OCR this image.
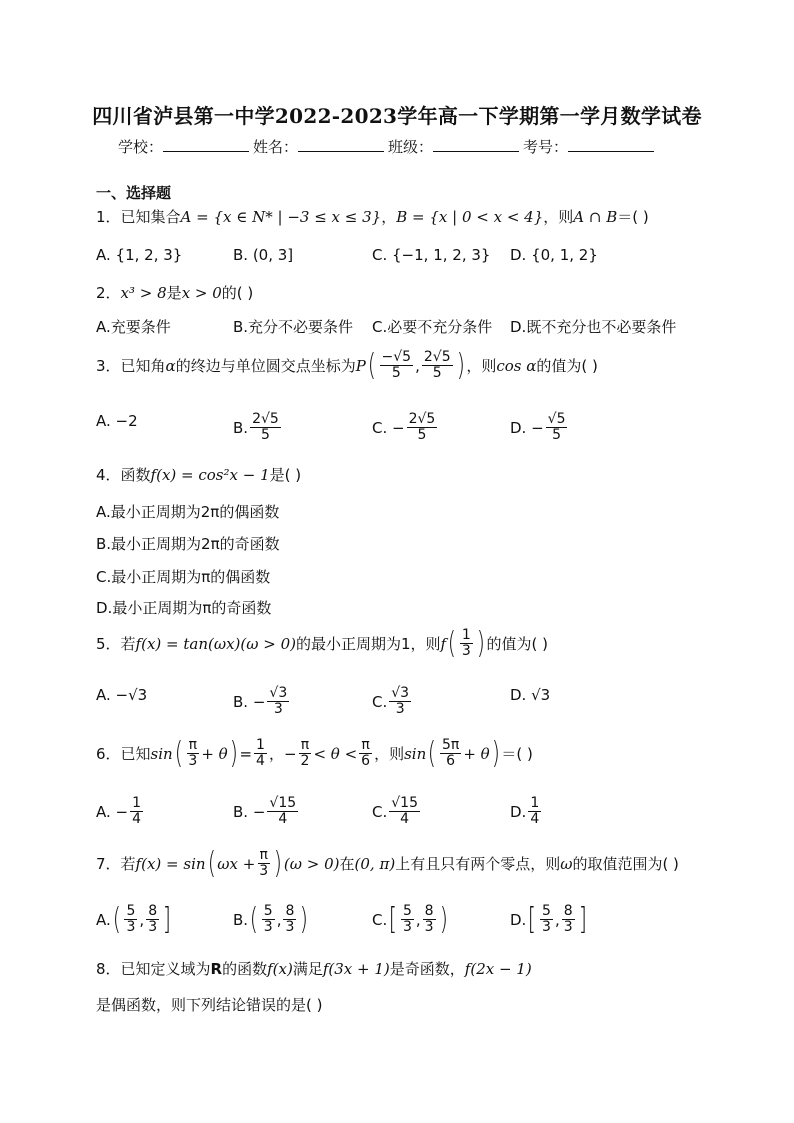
四川省泸县第一中学2022-2023学年高一下学期第一学月数学试卷
学校：	姓名：	班级：	考号：
一、选择题
1．已知集合 A = {x ∈ N* | −3 ≤ x ≤ 3} ， B = {x | 0 < x < 4} ，则 A ∩ B ＝( )
A. {1, 2, 3}	B. (0, 3]	C. {−1, 1, 2, 3} D. {0, 1, 2}
2． x³ > 8 是 x > 0 的( )
A.充要条件	B.充分不必要条件 C.必要不充分条件 D.既不充分也不必要条件
3．已知角 α 的终边与单位圆交点坐标为 P ( $\frac{-√5}{5}$ , $\frac{2√5}{5}$ ) ，则 cos α 的值为( )
A. −2	B. $\frac{2√5}{5}$	C. − $\frac{2√5}{5}$	D. − $\frac{√5}{5}$
4．函数 f(x) = cos²x − 1 是( )
A.最小正周期为2π的偶函数
B.最小正周期为2π的奇函数
C.最小正周期为π的偶函数
D.最小正周期为π的奇函数
5．若 f(x) = tan(ωx)(ω > 0) 的最小正周期为1，则 f ( $\frac{1}{3}$ ) 的值为( )
A. −√3	B. − $\frac{√3}{3}$	C. $\frac{√3}{3}$	D. √3
6．已知 sin ( $\frac{\pi}{3} + \theta$ ) = $\frac{1}{4}$ ，− $\frac{\pi}{2} < \theta < \frac{\pi}{6}$ ，则 sin ( $\frac{5\pi}{6} + \theta$ ) ＝( )
A. − $\frac{1}{4}$	B. − $\frac{√15}{4}$	C. $\frac{√15}{4}$	D. $\frac{1}{4}$
7．若 f(x) = sin ( $\omega x + \frac{\pi}{3}$ ) (ω > 0) 在 (0, π) 上有且只有两个零点，则 ω 的取值范围为( )
A. ( $\frac{5}{3}$ , $\frac{8}{3}$ ]	B. ( $\frac{5}{3}$ , $\frac{8}{3}$ )	C. [ $\frac{5}{3}$ , $\frac{8}{3}$ )	D. [ $\frac{5}{3}$ , $\frac{8}{3}$ ]
8．已知定义域为 R 的函数 f(x) 满足 f(3x + 1) 是奇函数， f(2x − 1)
是偶函数，则下列结论错误的是( )
